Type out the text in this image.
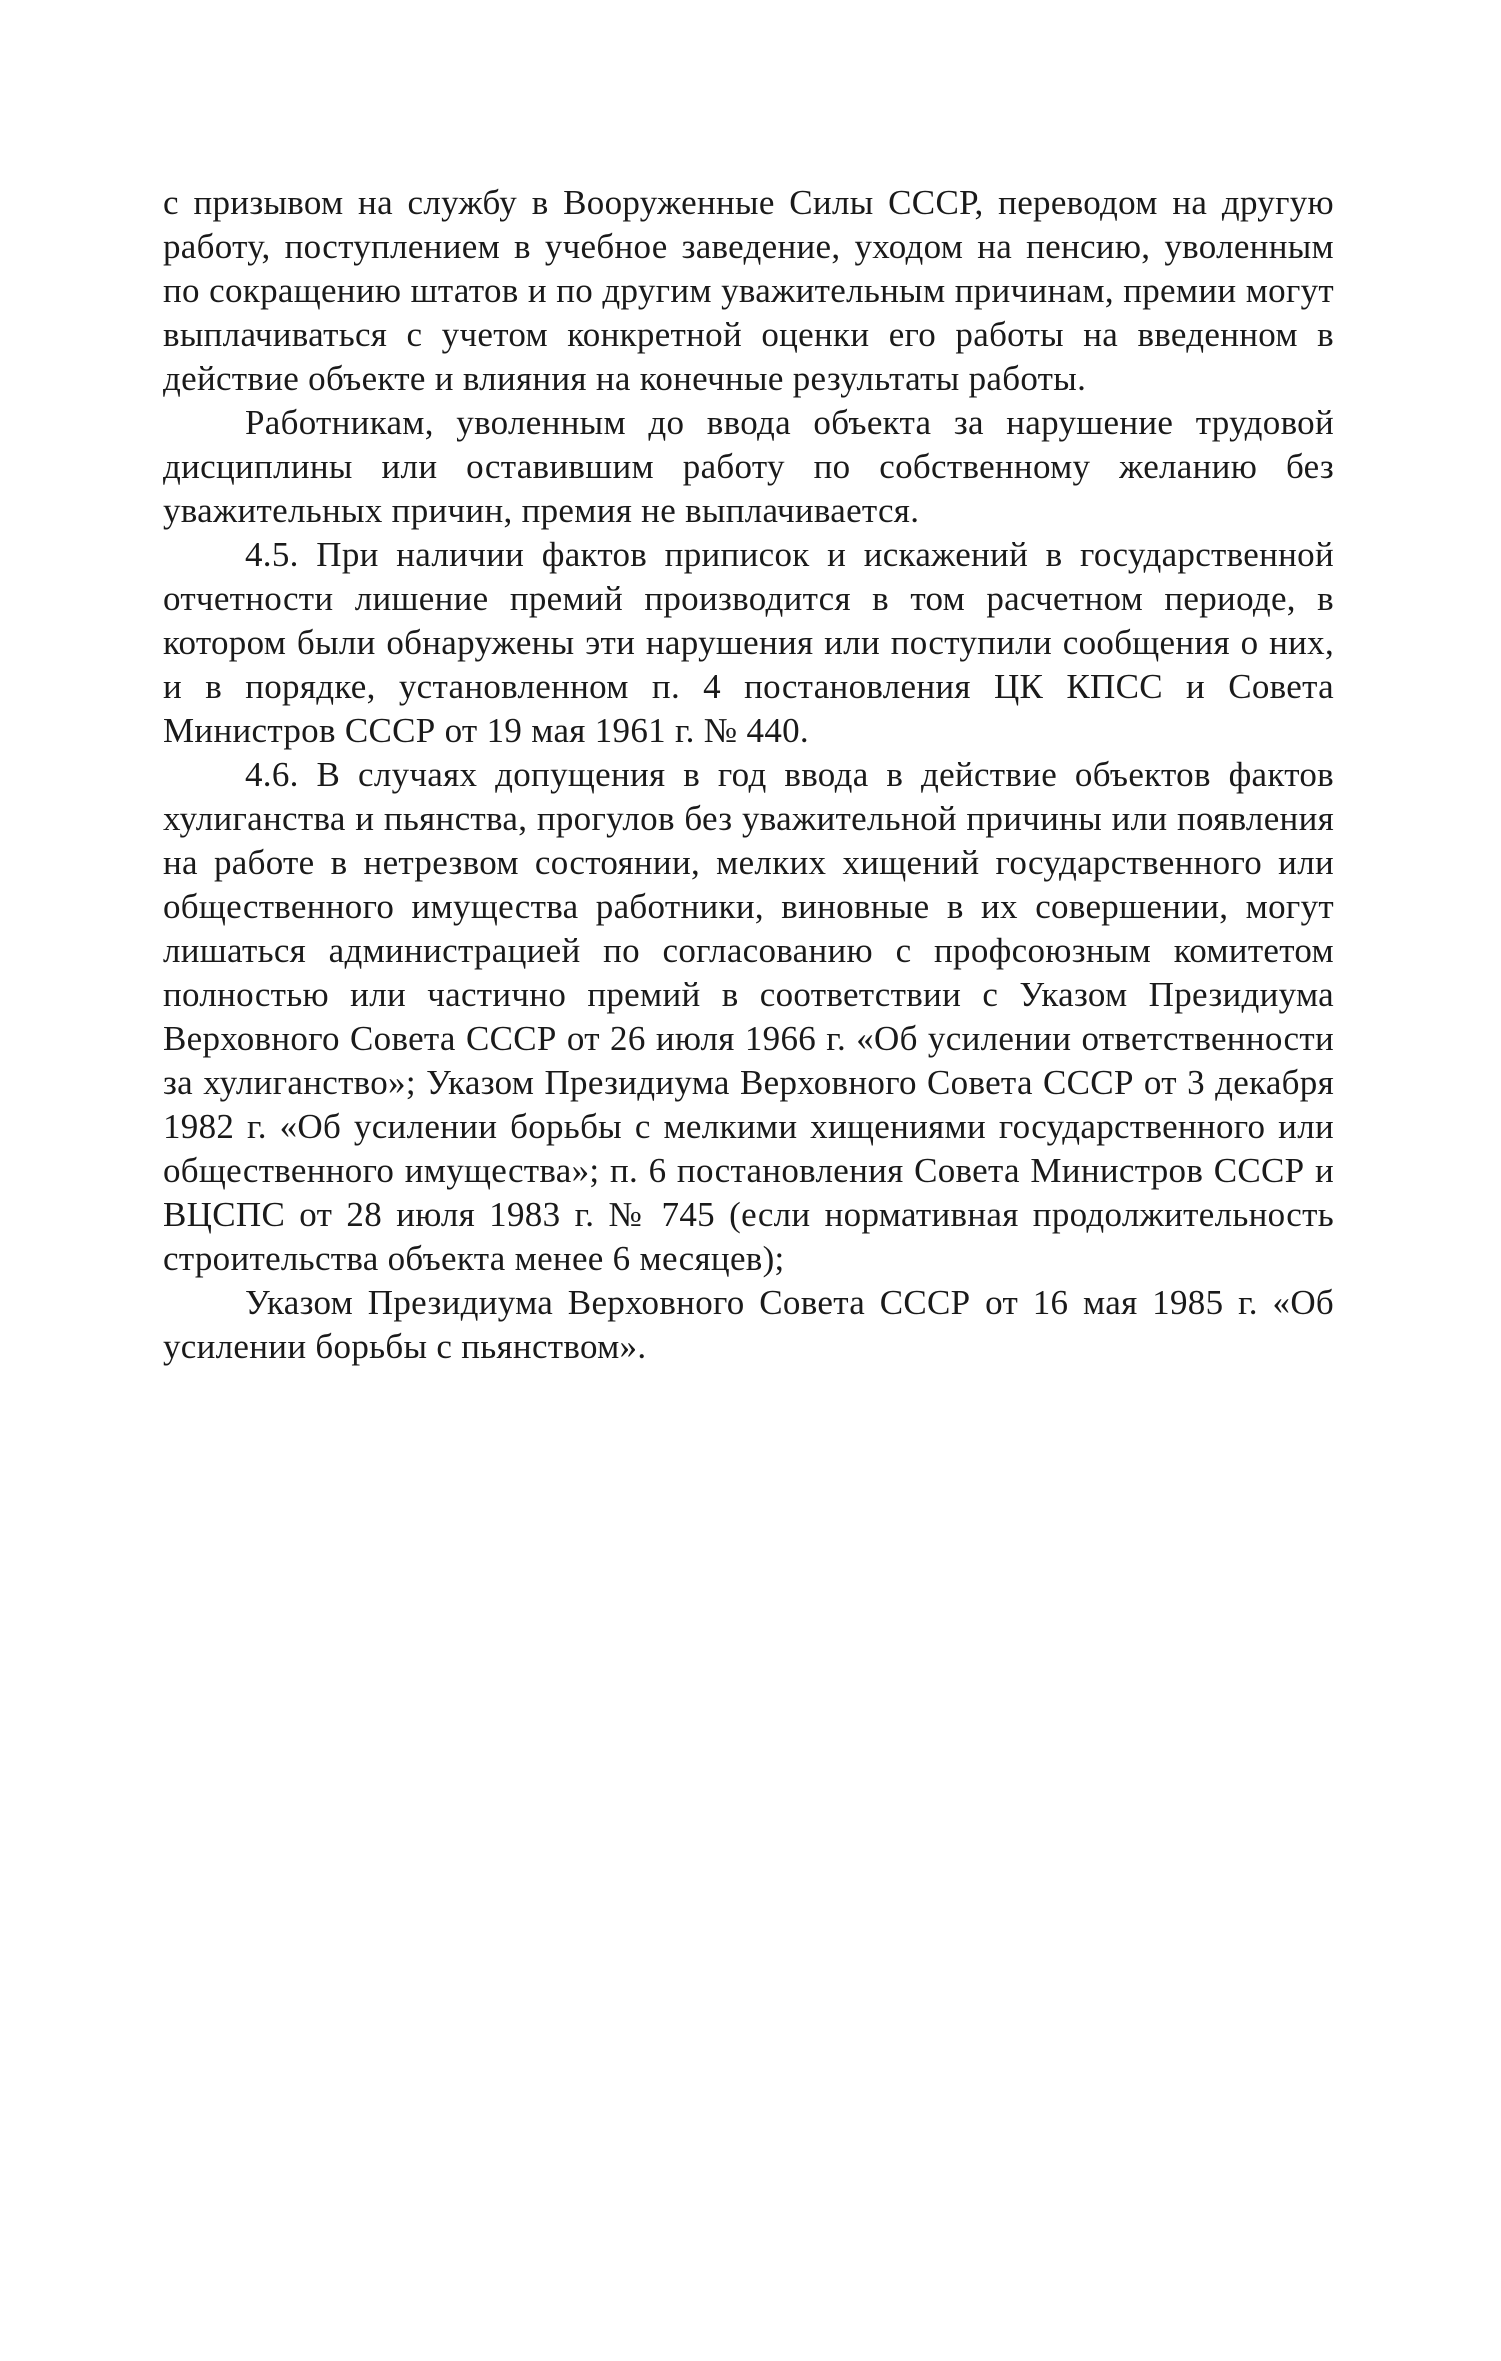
с призывом на службу в Вооруженные Силы СССР, переводом на другую работу, поступлением в учебное заведение, уходом на пенсию, уволенным по сокращению штатов и по другим уважительным причинам, премии могут выплачиваться с учетом конкретной оценки его работы на введенном в действие объекте и влияния на конечные результаты работы.

Работникам, уволенным до ввода объекта за нарушение трудовой дисциплины или оставившим работу по собственному желанию без уважительных причин, премия не выплачивается.

4.5. При наличии фактов приписок и искажений в государственной отчетности лишение премий производится в том расчетном периоде, в котором были обнаружены эти нарушения или поступили сообщения о них, и в порядке, установленном п. 4 постановления ЦК КПСС и Совета Министров СССР от 19 мая 1961 г. № 440.

4.6. В случаях допущения в год ввода в действие объектов фактов хулиганства и пьянства, прогулов без уважительной причины или появления на работе в нетрезвом состоянии, мелких хищений государственного или общественного имущества работники, виновные в их совершении, могут лишаться администрацией по согласованию с профсоюзным комитетом полностью или частично премий в соответствии с Указом Президиума Верховного Совета СССР от 26 июля 1966 г. «Об усилении ответственности за хулиганство»; Указом Президиума Верховного Совета СССР от 3 декабря 1982 г. «Об усилении борьбы с мелкими хищениями государственного или общественного имущества»; п. 6 постановления Совета Министров СССР и ВЦСПС от 28 июля 1983 г. № 745 (если нормативная продолжительность строительства объекта менее 6 месяцев);

Указом Президиума Верховного Совета СССР от 16 мая 1985 г. «Об усилении борьбы с пьянством».
